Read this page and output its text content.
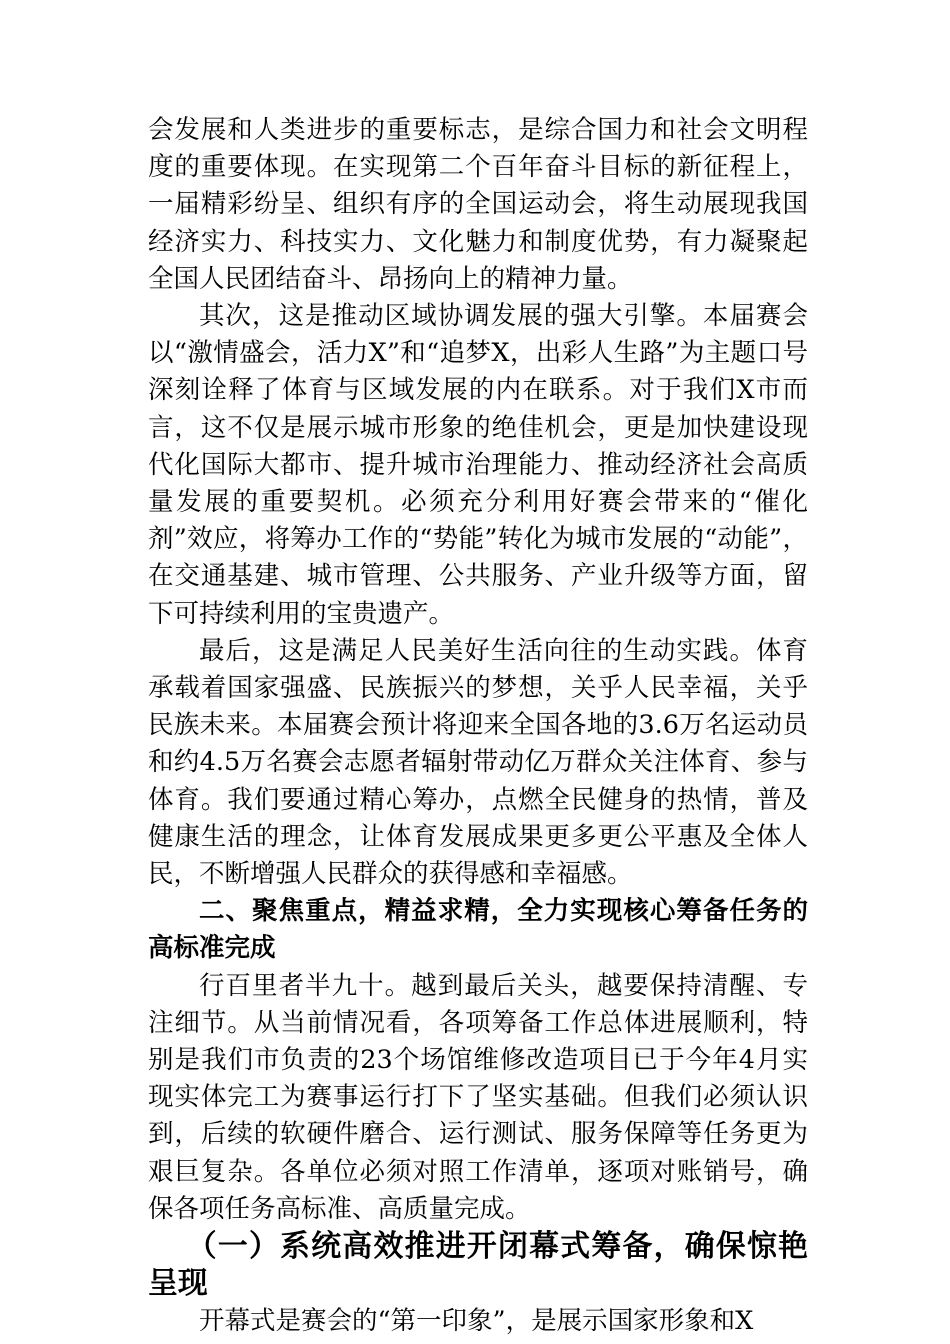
会发展和人类进步的重要标志，是综合国力和社会文明程度的重要体现。在实现第二个百年奋斗目标的新征程上，一届精彩纷呈、组织有序的全国运动会，将生动展现我国经济实力、科技实力、文化魅力和制度优势，有力凝聚起全国人民团结奋斗、昂扬向上的精神力量。

其次，这是推动区域协调发展的强大引擎。本届赛会以“激情盛会，活力X”和“追梦X，出彩人生路”为主题口号深刻诠释了体育与区域发展的内在联系。对于我们X市而言，这不仅是展示城市形象的绝佳机会，更是加快建设现代化国际大都市、提升城市治理能力、推动经济社会高质量发展的重要契机。必须充分利用好赛会带来的“催化剂”效应，将筹办工作的“势能”转化为城市发展的“动能”，在交通基建、城市管理、公共服务、产业升级等方面，留下可持续利用的宝贵遗产。

最后，这是满足人民美好生活向往的生动实践。体育承载着国家强盛、民族振兴的梦想，关乎人民幸福，关乎民族未来。本届赛会预计将迎来全国各地的3.6万名运动员和约4.5万名赛会志愿者辐射带动亿万群众关注体育、参与体育。我们要通过精心筹办，点燃全民健身的热情，普及健康生活的理念，让体育发展成果更多更公平惠及全体人民，不断增强人民群众的获得感和幸福感。

二、聚焦重点，精益求精，全力实现核心筹备任务的高标准完成

行百里者半九十。越到最后关头，越要保持清醒、专注细节。从当前情况看，各项筹备工作总体进展顺利，特别是我们市负责的23个场馆维修改造项目已于今年4月实现实体完工为赛事运行打下了坚实基础。但我们必须认识到，后续的软硬件磨合、运行测试、服务保障等任务更为艰巨复杂。各单位必须对照工作清单，逐项对账销号，确保各项任务高标准、高质量完成。

（一）系统高效推进开闭幕式筹备，确保惊艳呈现

开幕式是赛会的“第一印象”，是展示国家形象和X
